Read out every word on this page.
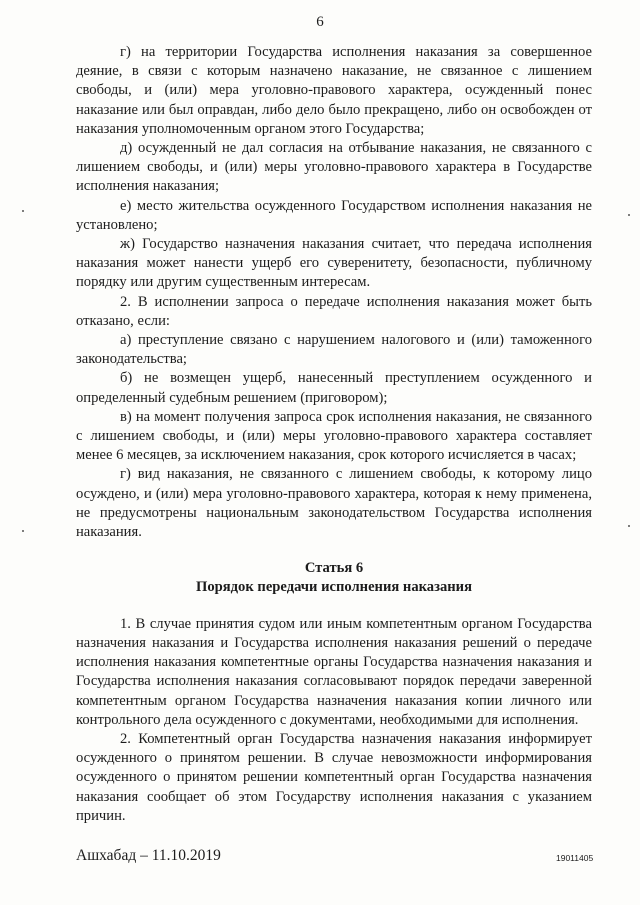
6

г) на территории Государства исполнения наказания за совершенное деяние, в связи с которым назначено наказание, не связанное с лишением свободы, и (или) мера уголовно-правового характера, осужденный понес наказание или был оправдан, либо дело было прекращено, либо он освобожден от наказания уполномоченным органом этого Государства;

д) осужденный не дал согласия на отбывание наказания, не связанного с лишением свободы, и (или) меры уголовно-правового характера в Государстве исполнения наказания;

е) место жительства осужденного Государством исполнения наказания не установлено;

ж) Государство назначения наказания считает, что передача исполнения наказания может нанести ущерб его суверенитету, безопасности, публичному порядку или другим существенным интересам.

2. В исполнении запроса о передаче исполнения наказания может быть отказано, если:

а) преступление связано с нарушением налогового и (или) таможенного законодательства;

б) не возмещен ущерб, нанесенный преступлением осужденного и определенный судебным решением (приговором);

в) на момент получения запроса срок исполнения наказания, не связанного с лишением свободы, и (или) меры уголовно-правового характера составляет менее 6 месяцев, за исключением наказания, срок которого исчисляется в часах;

г) вид наказания, не связанного с лишением свободы, к которому лицо осуждено, и (или) мера уголовно-правового характера, которая к нему применена, не предусмотрены национальным законодательством Государства исполнения наказания.

Статья 6

Порядок передачи исполнения наказания

1. В случае принятия судом или иным компетентным органом Государства назначения наказания и Государства исполнения наказания решений о передаче исполнения наказания компетентные органы Государства назначения наказания и Государства исполнения наказания согласовывают порядок передачи заверенной компетентным органом Государства назначения наказания копии личного или контрольного дела осужденного с документами, необходимыми для исполнения.

2. Компетентный орган Государства назначения наказания информирует осужденного о принятом решении. В случае невозможности информирования осужденного о принятом решении компетентный орган Государства назначения наказания сообщает об этом Государству исполнения наказания с указанием причин.

Ашхабад – 11.10.2019	19011405
